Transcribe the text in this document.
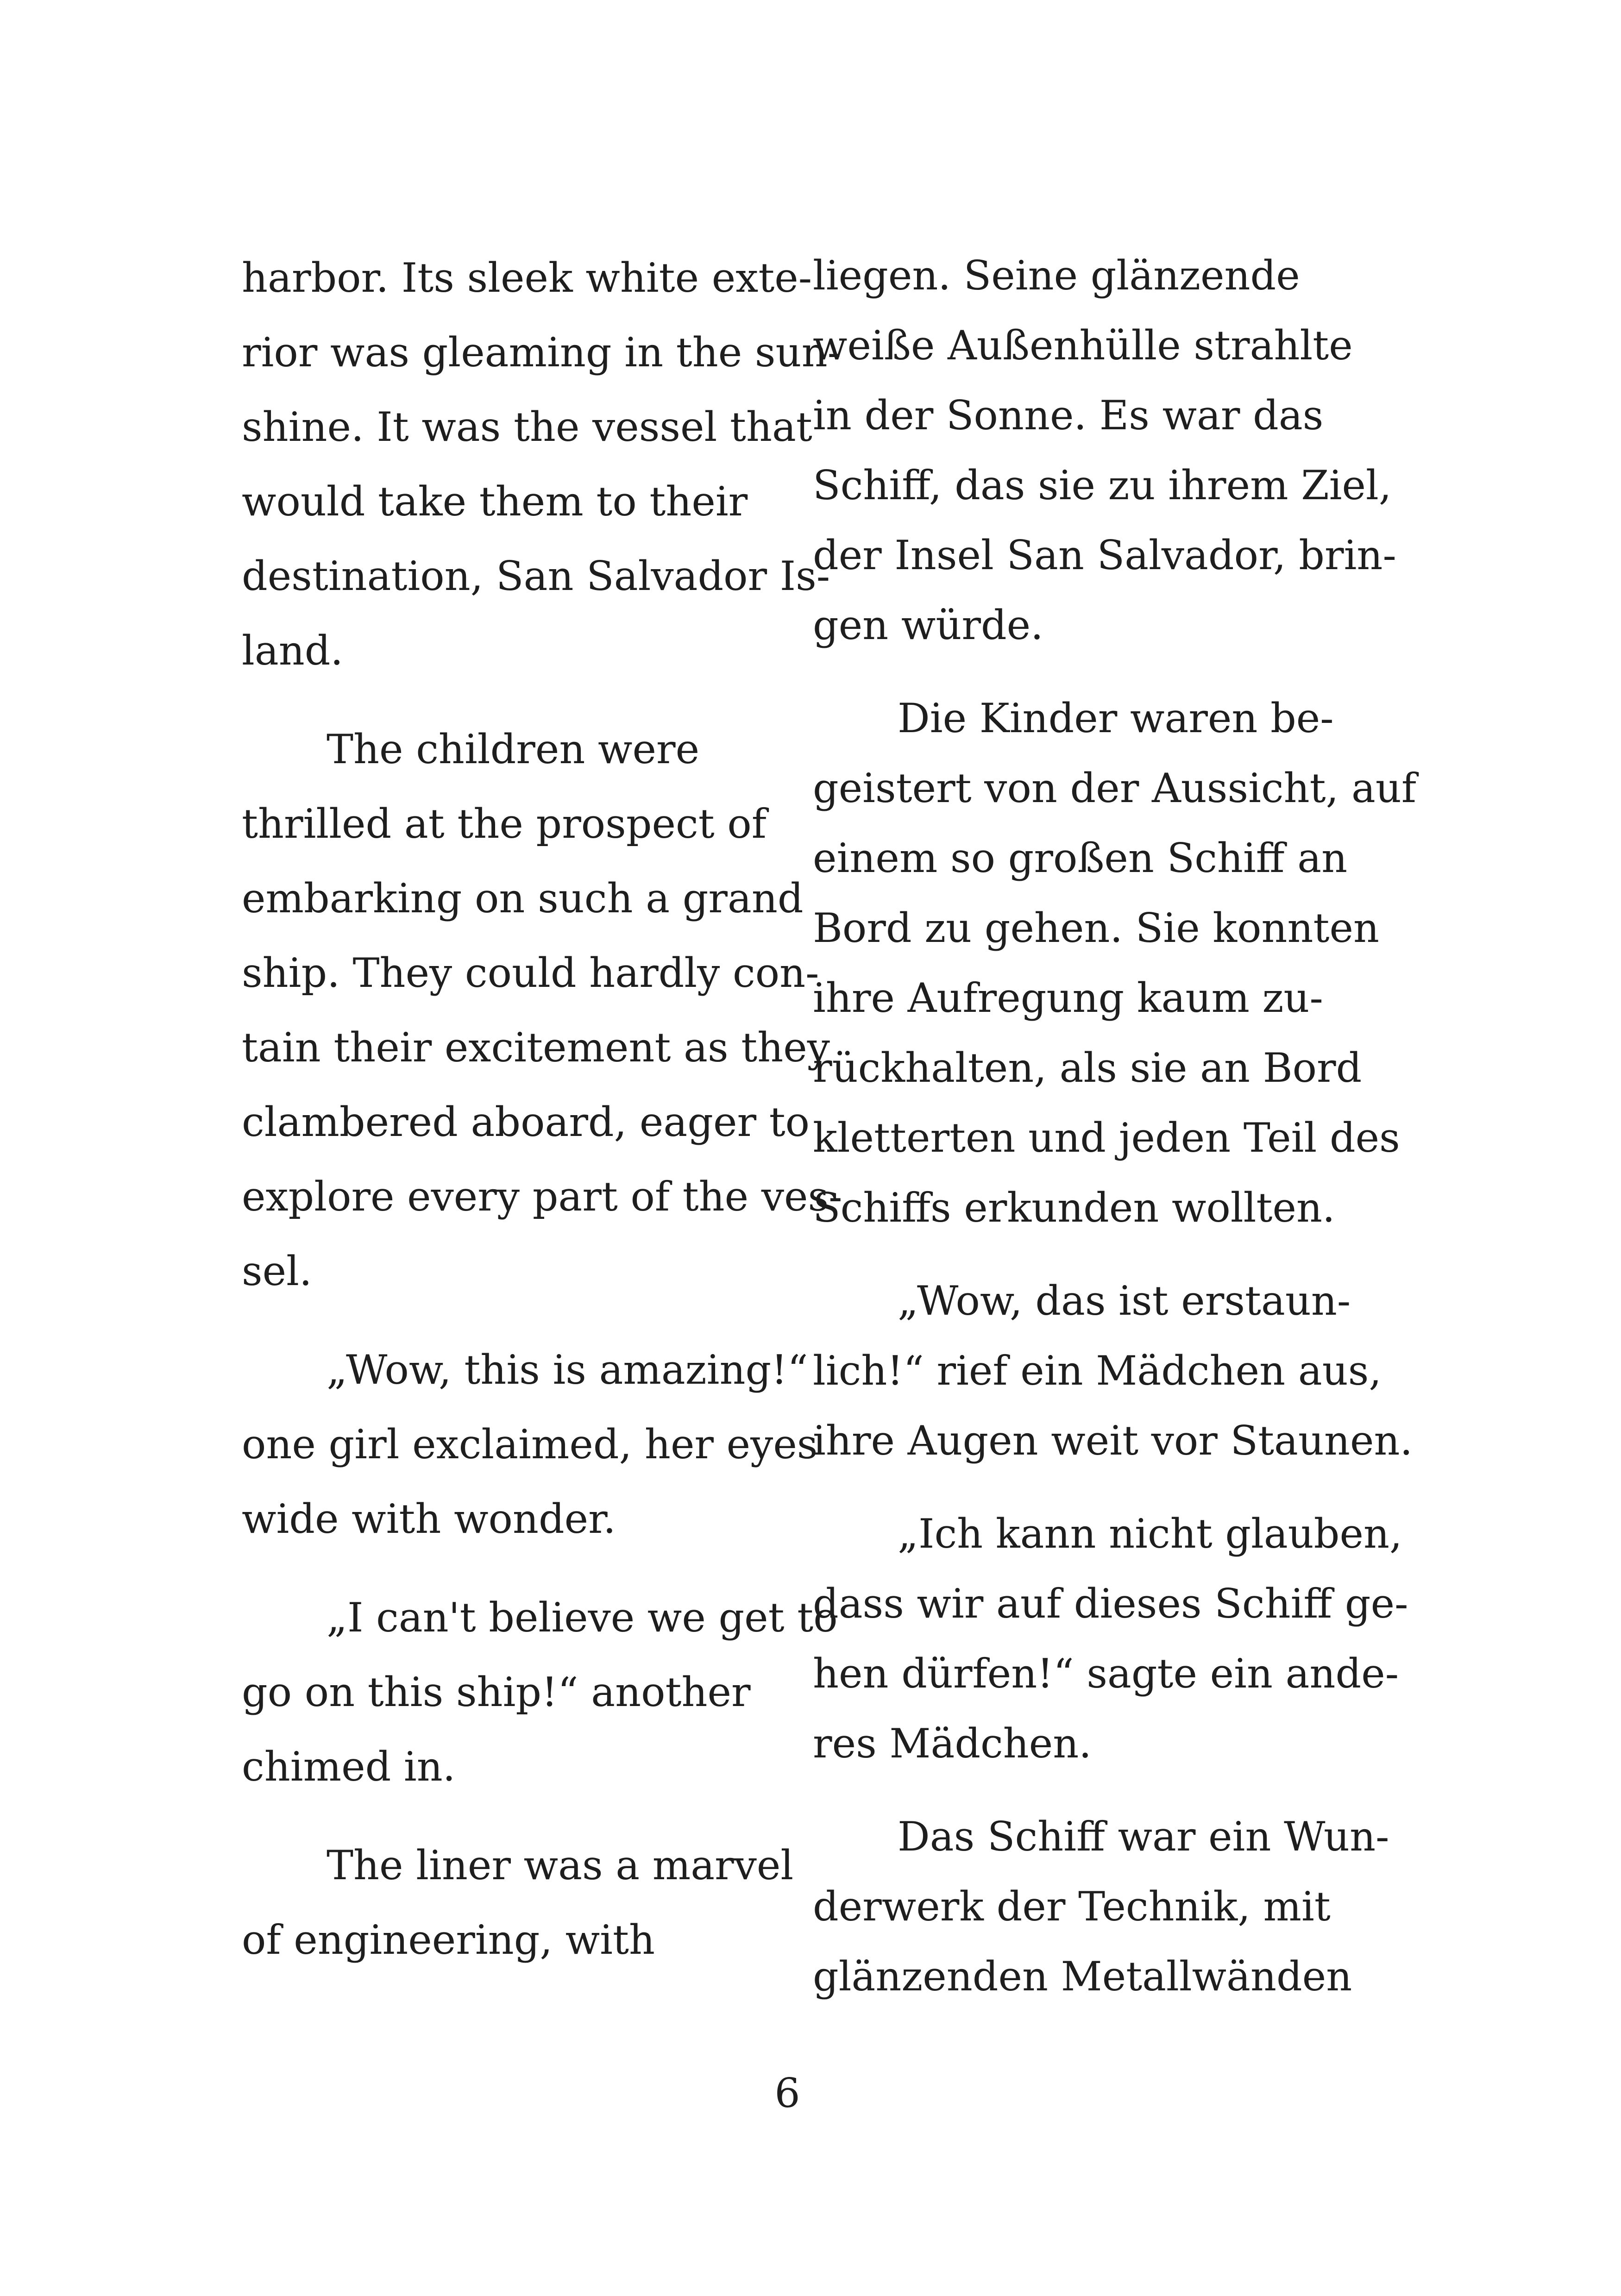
harbor. Its sleek white exte-
rior was gleaming in the sun-
shine. It was the vessel that
would take them to their
destination, San Salvador Is-
land.
The children were
thrilled at the prospect of
embarking on such a grand
ship. They could hardly con-
tain their excitement as they
clambered aboard, eager to
explore every part of the ves-
sel.
„Wow, this is amazing!“
one girl exclaimed, her eyes
wide with wonder.
„I can't believe we get to
go on this ship!“ another
chimed in.
The liner was a marvel
of engineering, with
liegen. Seine glänzende
weiße Außenhülle strahlte
in der Sonne. Es war das
Schiff, das sie zu ihrem Ziel,
der Insel San Salvador, brin-
gen würde.
Die Kinder waren be-
geistert von der Aussicht, auf
einem so großen Schiff an
Bord zu gehen. Sie konnten
ihre Aufregung kaum zu-
rückhalten, als sie an Bord
kletterten und jeden Teil des
Schiffs erkunden wollten.
„Wow, das ist erstaun-
lich!“ rief ein Mädchen aus,
ihre Augen weit vor Staunen.
„Ich kann nicht glauben,
dass wir auf dieses Schiff ge-
hen dürfen!“ sagte ein ande-
res Mädchen.
Das Schiff war ein Wun-
derwerk der Technik, mit
glänzenden Metallwänden
6
